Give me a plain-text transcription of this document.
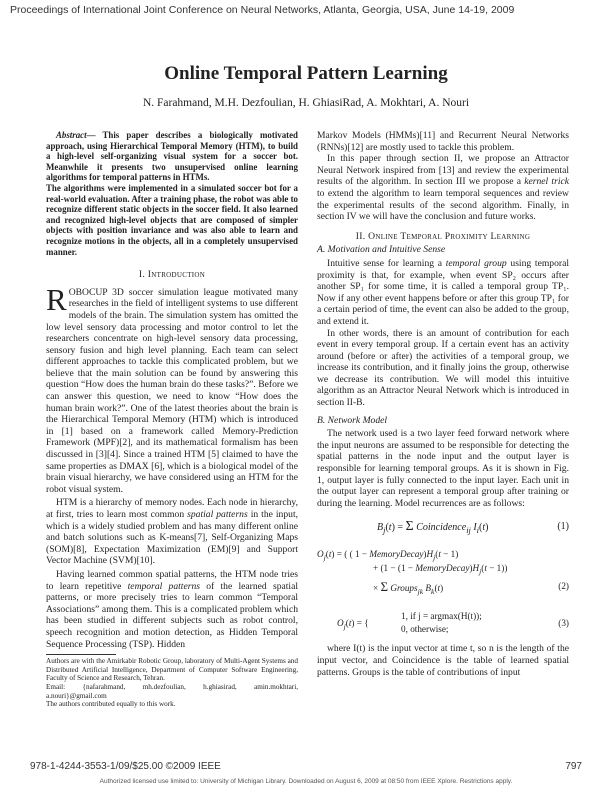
Proceedings of International Joint Conference on Neural Networks, Atlanta, Georgia, USA, June 14-19, 2009
Online Temporal Pattern Learning
N. Farahmand, M.H. Dezfoulian, H. GhiasiRad, A. Mokhtari, A. Nouri

Abstract— This paper describes a biologically motivated approach, using Hierarchical Temporal Memory (HTM), to build a high-level self-organizing visual system for a soccer bot. Meanwhile it presents two unsupervised online learning algorithms for temporal patterns in HTMs.

The algorithms were implemented in a simulated soccer bot for a real-world evaluation. After a training phase, the robot was able to recognize different static objects in the soccer field. It also learned and recognized high-level objects that are composed of simpler objects with position invariance and was also able to learn and recognize motions in the objects, all in a completely unsupervised manner.

I. Introduction

ROBOCUP 3D soccer simulation league motivated many researches in the field of intelligent systems to use different models of the brain. The simulation system has omitted the low level sensory data processing and motor control to let the researchers concentrate on high-level sensory data processing, sensory fusion and high level planning. Each team can select different approaches to tackle this complicated problem, but we believe that the main solution can be found by answering this question “How does the human brain do these tasks?”. Before we can answer this question, we need to know “How does the human brain work?”. One of the latest theories about the brain is the Hierarchical Temporal Memory (HTM) which is introduced in [1] based on a framework called Memory-Prediction Framework (MPF)[2], and its mathematical formalism has been discussed in [3][4]. Since a trained HTM [5] claimed to have the same properties as DMAX [6], which is a biological model of the brain visual hierarchy, we have considered using an HTM for the robot visual system.

HTM is a hierarchy of memory nodes. Each node in hierarchy, at first, tries to learn most common spatial patterns in the input, which is a widely studied problem and has many different online and batch solutions such as K-means[7], Self-Organizing Maps (SOM)[8], Expectation Maximization (EM)[9] and Support Vector Machine (SVM)[10].

Having learned common spatial patterns, the HTM node tries to learn repetitive temporal patterns of the learned spatial patterns, or more precisely tries to learn common “Temporal Associations” among them. This is a complicated problem which has been studied in different subjects such as robot control, speech recognition and motion detection, as Hidden Temporal Sequence Processing (TSP). Hidden

Authors are with the Amirkabir Robotic Group, laboratory of Multi-Agent Systems and Distributed Artificial Intelligence, Department of Computer Software Engineering, Faculty of Science and Research, Tehran.
Email: {nafarahmand, mh.dezfoulian, h.ghiasirad, amin.mokhtari, a.nouri}@gmail.com
The authors contributed equally to this work.

Markov Models (HMMs)[11] and Recurrent Neural Networks (RNNs)[12] are mostly used to tackle this problem.

In this paper through section II, we propose an Attractor Neural Network inspired from [13] and review the experimental results of the algorithm. In section III we propose a kernel trick to extend the algorithm to learn temporal sequences and review the experimental results of the second algorithm. Finally, in section IV we will have the conclusion and future works.

II. Online Temporal Proximity Learning
A. Motivation and Intuitive Sense

Intuitive sense for learning a temporal group using temporal proximity is that, for example, when event SP₂ occurs after another SP₁ for some time, it is called a temporal group TP₁. Now if any other event happens before or after this group TP₁ for a certain period of time, the event can also be added to the group, and extend it.

In other words, there is an amount of contribution for each event in every temporal group. If a certain event has an activity around (before or after) the activities of a temporal group, we increase its contribution, and it finally joins the group, otherwise we decrease its contribution. We will model this intuitive algorithm as an Attractor Neural Network which is introduced in section II-B.

B. Network Model

The network used is a two layer feed forward network where the input neurons are assumed to be responsible for detecting the spatial patterns in the node input and the output layer is responsible for learning temporal groups. As it is shown in Fig. 1, output layer is fully connected to the input layer. Each unit in the output layer can represent a temporal group after training or during the learning. Model recurrences are as follows:

$B_j(t) = \Sigma$ Coincidence$_{ij}$ $I_i(t)$	(1)
$O_j(t)$ = ( ( $1 - MemoryDecay)H_j(t - 1)$
+ $(1 - (1 - MemoryDecay)H_j(t - 1))$
× Σ Groups$_{jk}$ $B_k(t)$	(2)
$O_j(t)$ = {
1, if j = argmax(H(t));
0, otherwise;
(3)

where I(t) is the input vector at time t, so n is the length of the input vector, and Coincidence is the table of learned spatial patterns. Groups is the table of contributions of input

978-1-4244-3553-1/09/$25.00 ©2009 IEEE	797
Authorized licensed use limited to: University of Michigan Library. Downloaded on August 6, 2009 at 08:50 from IEEE Xplore. Restrictions apply.
